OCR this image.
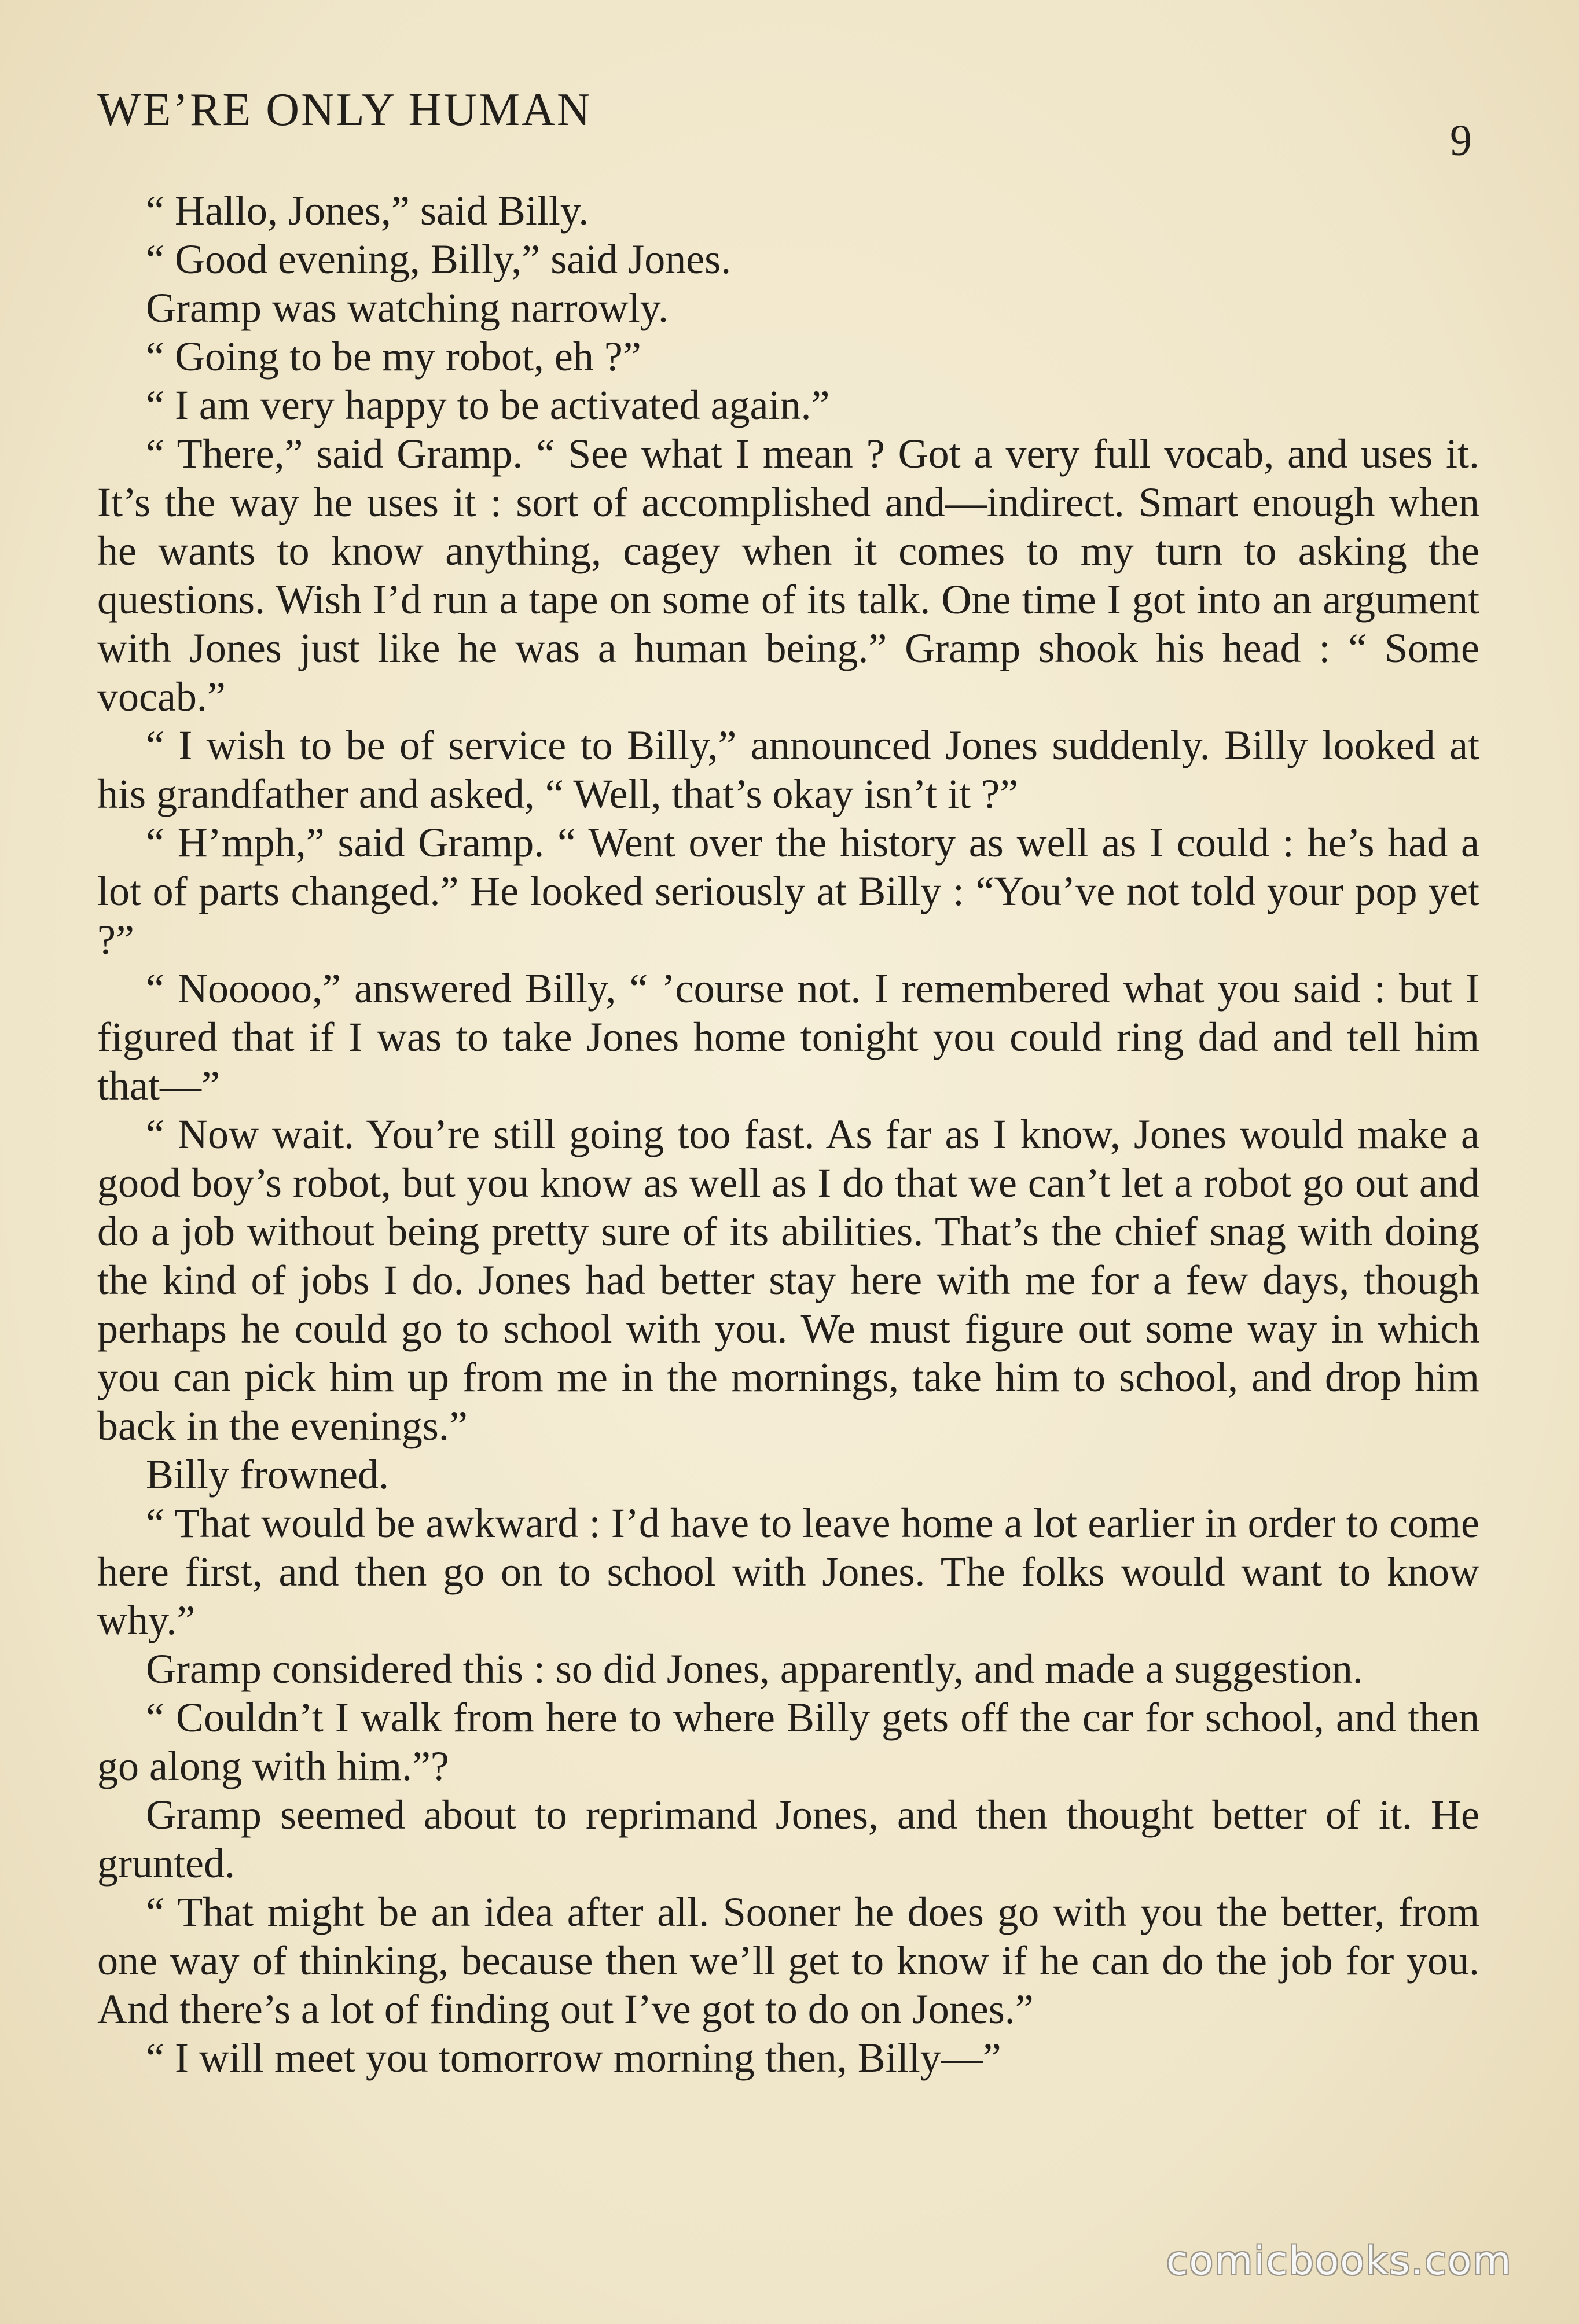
WE’RE ONLY HUMAN
9

“ Hallo, Jones,” said Billy.

“ Good evening, Billy,” said Jones.

Gramp was watching narrowly.

“ Going to be my robot, eh ?”

“ I am very happy to be activated again.”

“ There,” said Gramp. “ See what I mean ? Got a very full vocab, and uses it. It’s the way he uses it : sort of accomplished and—indirect. Smart enough when he wants to know anything, cagey when it comes to my turn to asking the questions. Wish I’d run a tape on some of its talk. One time I got into an argument with Jones just like he was a human being.” Gramp shook his head : “ Some vocab.”

“ I wish to be of service to Billy,” announced Jones suddenly. Billy looked at his grandfather and asked, “ Well, that’s okay isn’t it ?”

“ H’mph,” said Gramp. “ Went over the history as well as I could : he’s had a lot of parts changed.” He looked seriously at Billy : “You’ve not told your pop yet ?”

“ Nooooo,” answered Billy, “ ’course not. I remembered what you said : but I figured that if I was to take Jones home tonight you could ring dad and tell him that—”

“ Now wait. You’re still going too fast. As far as I know, Jones would make a good boy’s robot, but you know as well as I do that we can’t let a robot go out and do a job without being pretty sure of its abilities. That’s the chief snag with doing the kind of jobs I do. Jones had better stay here with me for a few days, though perhaps he could go to school with you. We must figure out some way in which you can pick him up from me in the mornings, take him to school, and drop him back in the evenings.”

Billy frowned.

“ That would be awkward : I’d have to leave home a lot earlier in order to come here first, and then go on to school with Jones. The folks would want to know why.”

Gramp considered this : so did Jones, apparently, and made a suggestion.

“ Couldn’t I walk from here to where Billy gets off the car for school, and then go along with him.”?

Gramp seemed about to reprimand Jones, and then thought better of it. He grunted.

“ That might be an idea after all. Sooner he does go with you the better, from one way of thinking, because then we’ll get to know if he can do the job for you. And there’s a lot of finding out I’ve got to do on Jones.”

“ I will meet you tomorrow morning then, Billy—”

comicbooks.com
